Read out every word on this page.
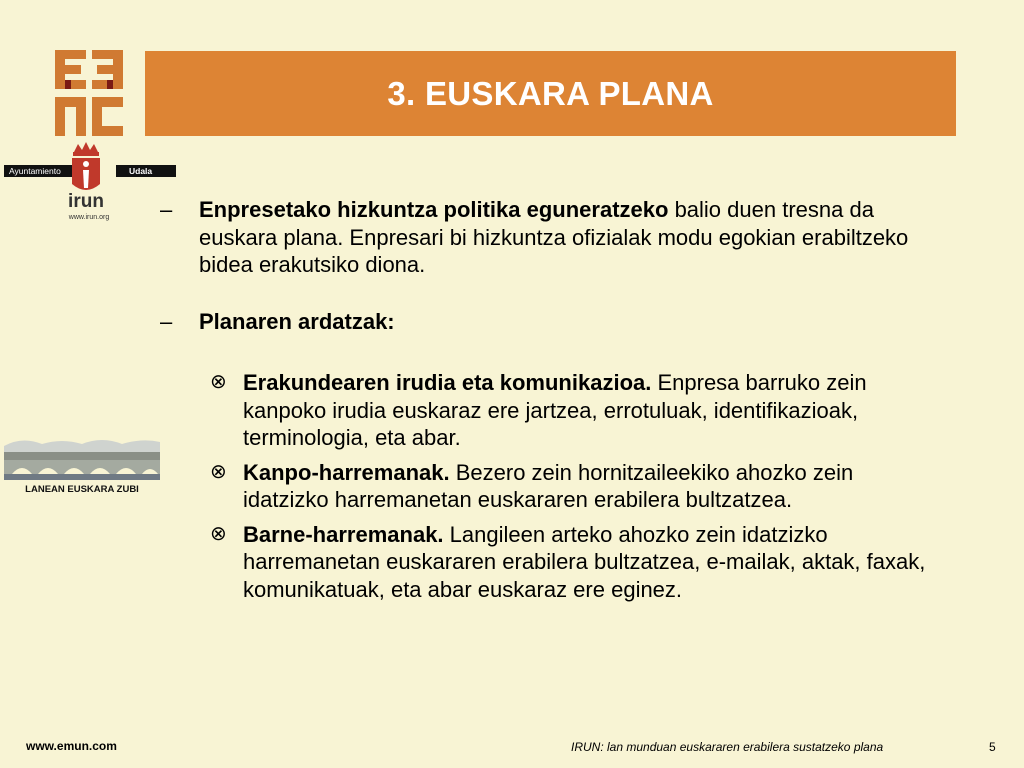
3. EUSKARA PLANA
Ayuntamiento	Udala
irun
www.irun.org
LANEAN EUSKARA ZUBI
–	Enpresetako hizkuntza politika eguneratzeko balio duen tresna da euskara plana. Enpresari bi hizkuntza ofizialak modu egokian erabiltzeko bidea erakutsiko diona.
–	Planaren ardatzak:
⊗ Erakundearen irudia eta komunikazioa. Enpresa barruko zein kanpoko irudia euskaraz ere jartzea, errotuluak, identifikazioak, terminologia, eta abar.
⊗ Kanpo-harremanak. Bezero zein hornitzaileekiko ahozko zein idatzizko harremanetan euskararen erabilera bultzatzea.
⊗ Barne-harremanak. Langileen arteko ahozko zein idatzizko harremanetan euskararen erabilera bultzatzea, e-mailak, aktak, faxak, komunikatuak, eta abar euskaraz ere eginez.
www.emun.com	IRUN: lan munduan euskararen erabilera sustatzeko plana	5
